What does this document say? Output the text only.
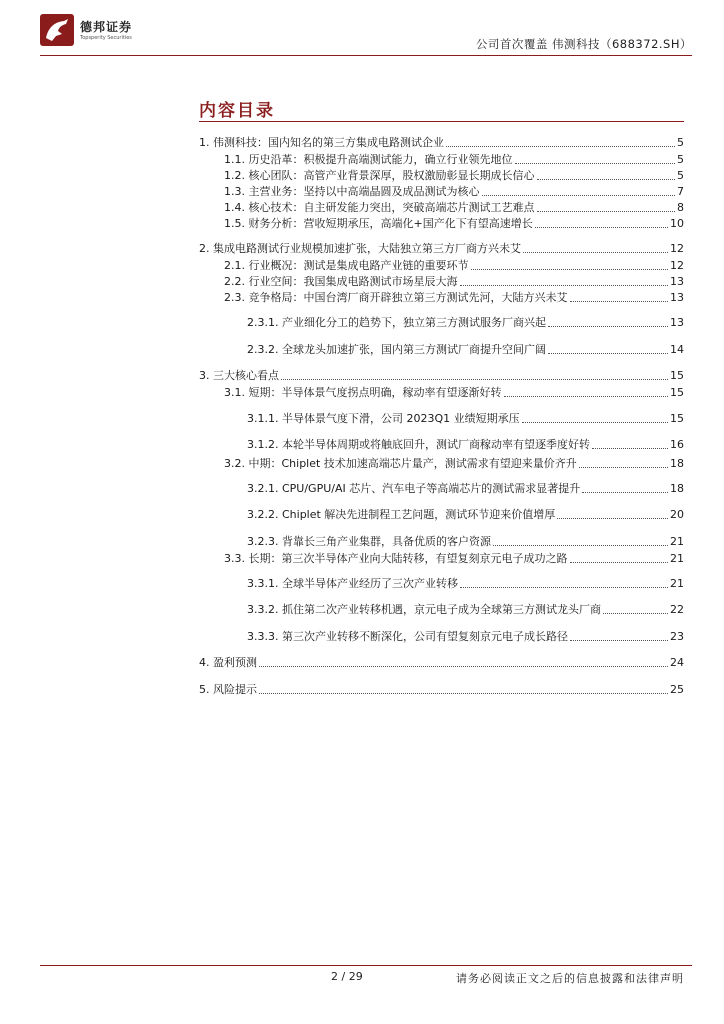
德邦证券
Topsperity Securities	公司首次覆盖 伟测科技（688372.SH）
内容目录
1. 伟测科技：国内知名的第三方集成电路测试企业	5
1.1. 历史沿革：积极提升高端测试能力，确立行业领先地位	5
1.2. 核心团队：高管产业背景深厚，股权激励彰显长期成长信心	5
1.3. 主营业务：坚持以中高端晶圆及成品测试为核心	7
1.4. 核心技术：自主研发能力突出，突破高端芯片测试工艺难点	8
1.5. 财务分析：营收短期承压，高端化+国产化下有望高速增长	10
2. 集成电路测试行业规模加速扩张，大陆独立第三方厂商方兴未艾	12
2.1. 行业概况：测试是集成电路产业链的重要环节	12
2.2. 行业空间：我国集成电路测试市场星辰大海	13
2.3. 竞争格局：中国台湾厂商开辟独立第三方测试先河，大陆方兴未艾	13
2.3.1. 产业细化分工的趋势下，独立第三方测试服务厂商兴起	13
2.3.2. 全球龙头加速扩张，国内第三方测试厂商提升空间广阔	14
3. 三大核心看点	15
3.1. 短期：半导体景气度拐点明确，稼动率有望逐渐好转	15
3.1.1. 半导体景气度下滑，公司 2023Q1 业绩短期承压	15
3.1.2. 本轮半导体周期或将触底回升，测试厂商稼动率有望逐季度好转	16
3.2. 中期：Chiplet 技术加速高端芯片量产，测试需求有望迎来量价齐升	18
3.2.1. CPU/GPU/AI 芯片、汽车电子等高端芯片的测试需求显著提升	18
3.2.2. Chiplet 解决先进制程工艺问题，测试环节迎来价值增厚	20
3.2.3. 背靠长三角产业集群，具备优质的客户资源	21
3.3. 长期：第三次半导体产业向大陆转移，有望复刻京元电子成功之路	21
3.3.1. 全球半导体产业经历了三次产业转移	21
3.3.2. 抓住第二次产业转移机遇，京元电子成为全球第三方测试龙头厂商	22
3.3.3. 第三次产业转移不断深化，公司有望复刻京元电子成长路径	23
4. 盈利预测	24
5. 风险提示	25
2 / 29	请务必阅读正文之后的信息披露和法律声明
